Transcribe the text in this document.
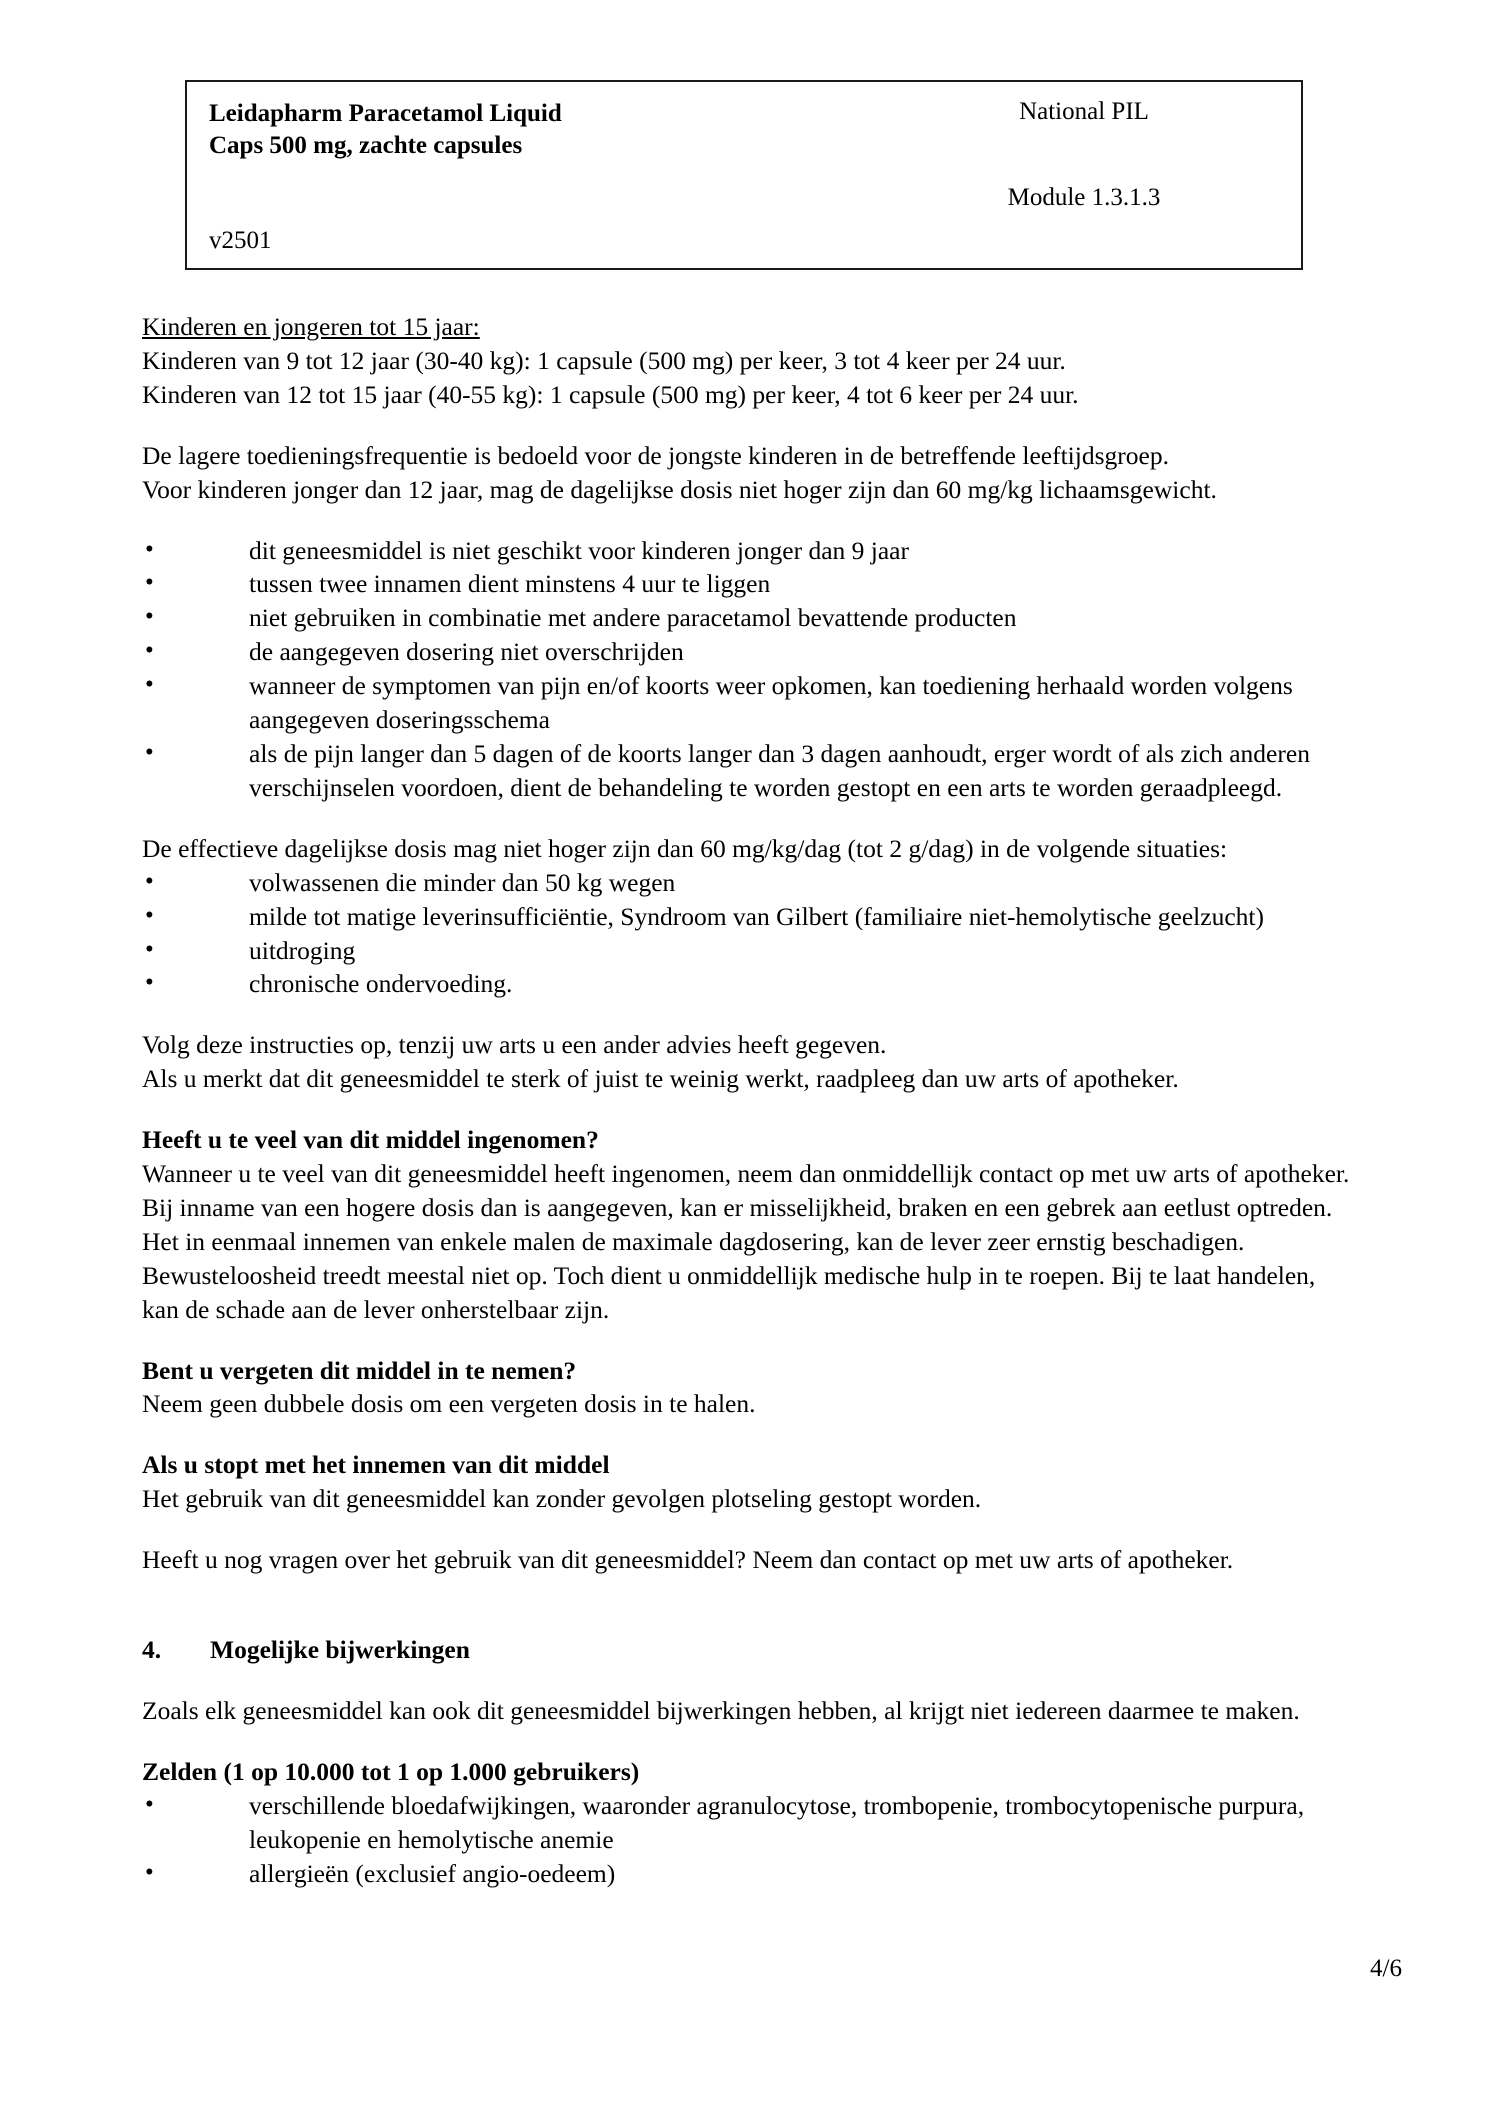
Leidapharm Paracetamol Liquid
Caps 500 mg, zachte capsules
v2501
National PIL
Module 1.3.1.3
Kinderen en jongeren tot 15 jaar:

Kinderen van 9 tot 12 jaar (30-40 kg): 1 capsule (500 mg) per keer, 3 tot 4 keer per 24 uur.

Kinderen van 12 tot 15 jaar (40-55 kg): 1 capsule (500 mg) per keer, 4 tot 6 keer per 24 uur.

De lagere toedieningsfrequentie is bedoeld voor de jongste kinderen in de betreffende leeftijdsgroep.

Voor kinderen jonger dan 12 jaar, mag de dagelijkse dosis niet hoger zijn dan 60 mg/kg lichaamsgewicht.

• dit geneesmiddel is niet geschikt voor kinderen jonger dan 9 jaar
• tussen twee innamen dient minstens 4 uur te liggen
• niet gebruiken in combinatie met andere paracetamol bevattende producten
• de aangegeven dosering niet overschrijden
• wanneer de symptomen van pijn en/of koorts weer opkomen, kan toediening herhaald worden volgens aangegeven doseringsschema
• als de pijn langer dan 5 dagen of de koorts langer dan 3 dagen aanhoudt, erger wordt of als zich anderen verschijnselen voordoen, dient de behandeling te worden gestopt en een arts te worden geraadpleegd.

De effectieve dagelijkse dosis mag niet hoger zijn dan 60 mg/kg/dag (tot 2 g/dag) in de volgende situaties:

• volwassenen die minder dan 50 kg wegen
• milde tot matige leverinsufficiëntie, Syndroom van Gilbert (familiaire niet-hemolytische geelzucht)
• uitdroging
• chronische ondervoeding.

Volg deze instructies op, tenzij uw arts u een ander advies heeft gegeven.

Als u merkt dat dit geneesmiddel te sterk of juist te weinig werkt, raadpleeg dan uw arts of apotheker.

Heeft u te veel van dit middel ingenomen?

Wanneer u te veel van dit geneesmiddel heeft ingenomen, neem dan onmiddellijk contact op met uw arts of apotheker. Bij inname van een hogere dosis dan is aangegeven, kan er misselijkheid, braken en een gebrek aan eetlust optreden. Het in eenmaal innemen van enkele malen de maximale dagdosering, kan de lever zeer ernstig beschadigen. Bewusteloosheid treedt meestal niet op. Toch dient u onmiddellijk medische hulp in te roepen. Bij te laat handelen, kan de schade aan de lever onherstelbaar zijn.

Bent u vergeten dit middel in te nemen?

Neem geen dubbele dosis om een vergeten dosis in te halen.

Als u stopt met het innemen van dit middel

Het gebruik van dit geneesmiddel kan zonder gevolgen plotseling gestopt worden.

Heeft u nog vragen over het gebruik van dit geneesmiddel? Neem dan contact op met uw arts of apotheker.

4.	Mogelijke bijwerkingen

Zoals elk geneesmiddel kan ook dit geneesmiddel bijwerkingen hebben, al krijgt niet iedereen daarmee te maken.

Zelden (1 op 10.000 tot 1 op 1.000 gebruikers)
• verschillende bloedafwijkingen, waaronder agranulocytose, trombopenie, trombocytopenische purpura, leukopenie en hemolytische anemie
• allergieën (exclusief angio-oedeem)
4/6
